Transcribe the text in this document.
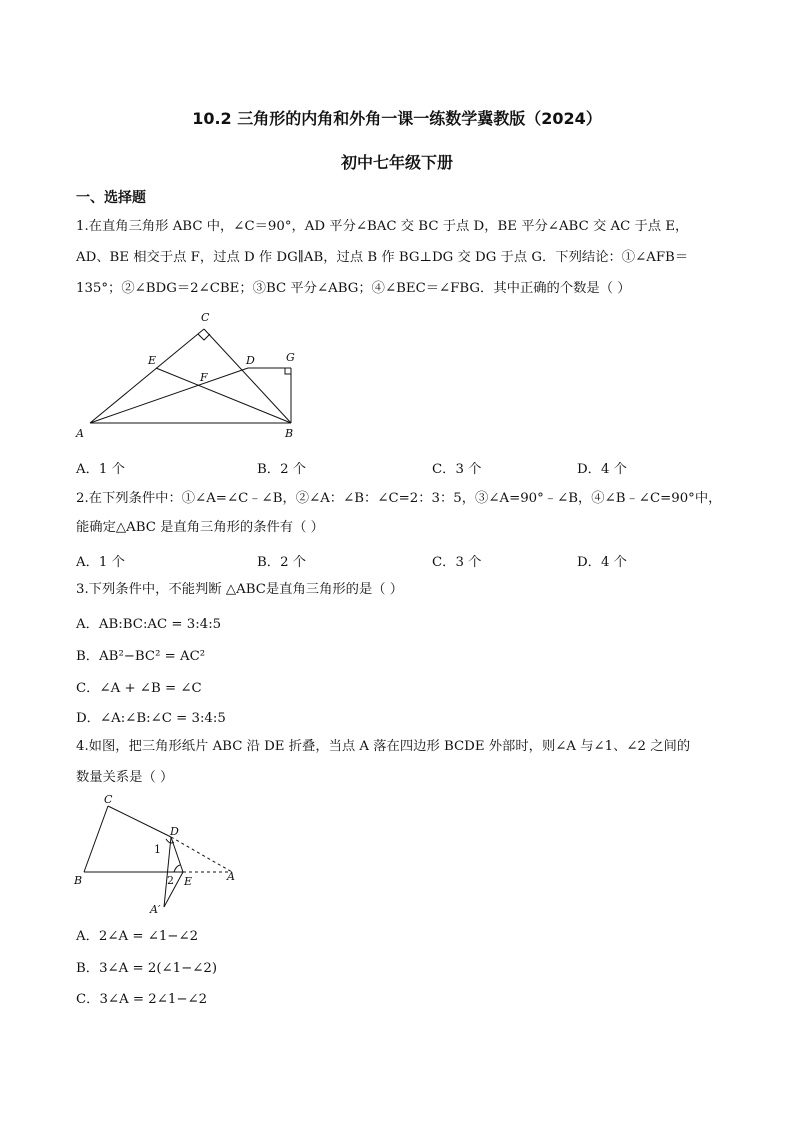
10.2 三角形的内角和外角一课一练数学冀教版（2024）
初中七年级下册
一、选择题
1.在直角三角形 ABC 中，∠C＝90°，AD 平分∠BAC 交 BC 于点 D，BE 平分∠ABC 交 AC 于点 E，
AD、BE 相交于点 F，过点 D 作 DG∥AB，过点 B 作 BG⊥DG 交 DG 于点 G．下列结论：①∠AFB＝
135°；②∠BDG＝2∠CBE；③BC 平分∠ABG；④∠BEC＝∠FBG．其中正确的个数是（ ）
C
E	D	G
F
A	B
A．1 个	B．2 个	C．3 个	D．4 个
2.在下列条件中：①∠A=∠C﹣∠B，②∠A：∠B：∠C=2：3：5，③∠A=90°﹣∠B，④∠B﹣∠C=90°中，
能确定△ABC 是直角三角形的条件有（ ）
A．1 个	B．2 个	C．3 个	D．4 个
3.下列条件中，不能判断 △ABC是直角三角形的是（ ）
A．AB:BC:AC = 3:4:5
B．AB²−BC² = AC²
C．∠A + ∠B = ∠C
D．∠A:∠B:∠C = 3:4:5
4.如图，把三角形纸片 ABC 沿 DE 折叠，当点 A 落在四边形 BCDE 外部时，则∠A 与∠1、∠2 之间的
数量关系是（ ）
C
D
B	E	A
A′
1
2
A．2∠A = ∠1−∠2
B．3∠A = 2(∠1−∠2)
C．3∠A = 2∠1−∠2
